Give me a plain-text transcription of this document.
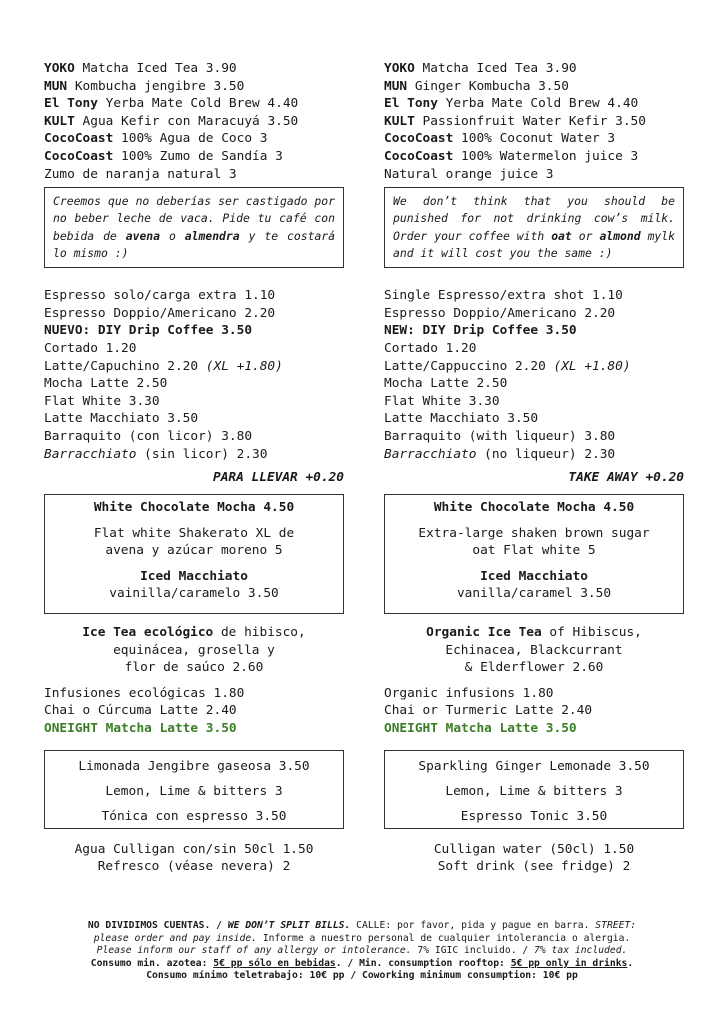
YOKO Matcha Iced Tea 3.90
MUN Kombucha jengibre 3.50
El Tony Yerba Mate Cold Brew 4.40
KULT Agua Kefir con Maracuyá 3.50
CocoCoast 100% Agua de Coco 3
CocoCoast 100% Zumo de Sandía 3
Zumo de naranja natural 3
Creemos que no deberías ser castigado por no beber leche de vaca. Pide tu café con bebida de avena o almendra y te costará lo mismo :)
Espresso solo/carga extra 1.10
Espresso Doppio/Americano 2.20
NUEVO: DIY Drip Coffee 3.50
Cortado 1.20
Latte/Capuchino 2.20 (XL +1.80)
Mocha Latte 2.50
Flat White 3.30
Latte Macchiato 3.50
Barraquito (con licor) 3.80
Barracchiato (sin licor) 2.30
PARA LLEVAR +0.20
White Chocolate Mocha 4.50
Flat white Shakerato XL de
avena y azúcar moreno 5
Iced Macchiato
vainilla/caramelo 3.50
Ice Tea ecológico de hibisco,
equinácea, grosella y
flor de saúco 2.60
Infusiones ecológicas 1.80
Chai o Cúrcuma Latte 2.40
ONEIGHT Matcha Latte 3.50
Limonada Jengibre gaseosa 3.50
Lemon, Lime & bitters 3
Tónica con espresso 3.50
Agua Culligan con/sin 50cl 1.50
Refresco (véase nevera) 2
YOKO Matcha Iced Tea 3.90
MUN Ginger Kombucha 3.50
El Tony Yerba Mate Cold Brew 4.40
KULT Passionfruit Water Kefir 3.50
CocoCoast 100% Coconut Water 3
CocoCoast 100% Watermelon juice 3
Natural orange juice 3
We don’t think that you should be punished for not drinking cow’s milk. Order your coffee with oat or almond mylk and it will cost you the same :)
Single Espresso/extra shot 1.10
Espresso Doppio/Americano 2.20
NEW: DIY Drip Coffee 3.50
Cortado 1.20
Latte/Cappuccino 2.20 (XL +1.80)
Mocha Latte 2.50
Flat White 3.30
Latte Macchiato 3.50
Barraquito (with liqueur) 3.80
Barracchiato (no liqueur) 2.30
TAKE AWAY +0.20
White Chocolate Mocha 4.50
Extra-large shaken brown sugar
oat Flat white 5
Iced Macchiato
vanilla/caramel 3.50
Organic Ice Tea of Hibiscus,
Echinacea, Blackcurrant
& Elderflower 2.60
Organic infusions 1.80
Chai or Turmeric Latte 2.40
ONEIGHT Matcha Latte 3.50
Sparkling Ginger Lemonade 3.50
Lemon, Lime & bitters 3
Espresso Tonic 3.50
Culligan water (50cl) 1.50
Soft drink (see fridge) 2
NO DIVIDIMOS CUENTAS. / WE DON’T SPLIT BILLS. CALLE: por favor, pida y pague en barra. STREET:
please order and pay inside. Informe a nuestro personal de cualquier intolerancia o alergia.
Please inform our staff of any allergy or intolerance. 7% IGIC incluido. / 7% tax included.
Consumo min. azotea: 5€ pp sólo en bebidas. / Min. consumption rooftop: 5€ pp only in drinks.
Consumo mínimo teletrabajo: 10€ pp / Coworking minimum consumption: 10€ pp
